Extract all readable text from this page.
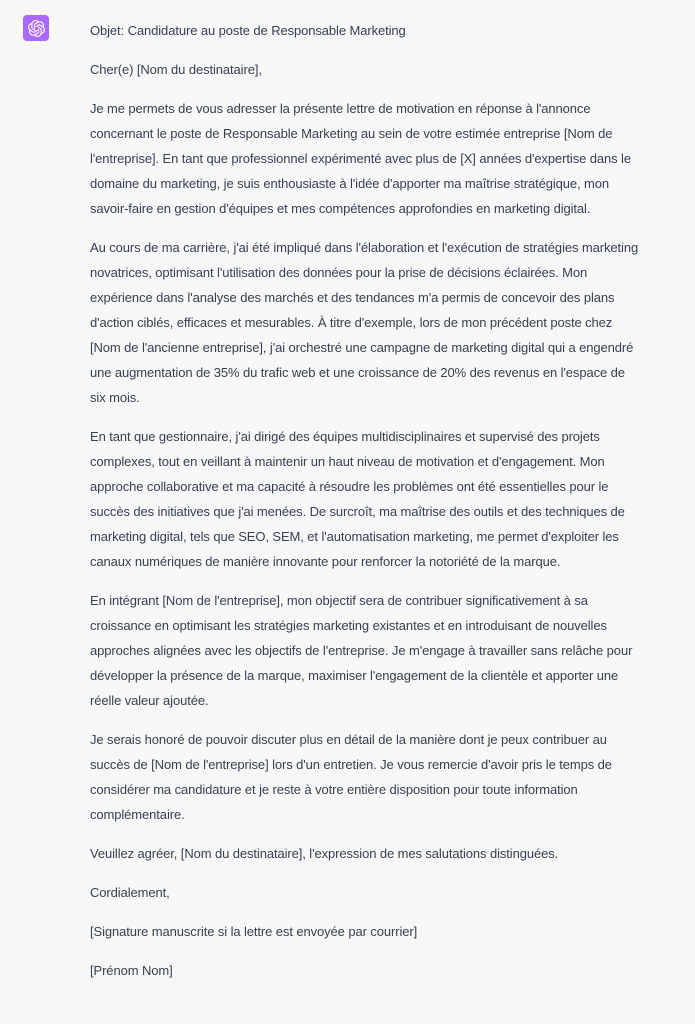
Objet: Candidature au poste de Responsable Marketing

Cher(e) [Nom du destinataire],

Je me permets de vous adresser la présente lettre de motivation en réponse à l'annonce concernant le poste de Responsable Marketing au sein de votre estimée entreprise [Nom de l'entreprise]. En tant que professionnel expérimenté avec plus de [X] années d'expertise dans le domaine du marketing, je suis enthousiaste à l'idée d'apporter ma maîtrise stratégique, mon savoir-faire en gestion d'équipes et mes compétences approfondies en marketing digital.

Au cours de ma carrière, j'ai été impliqué dans l'élaboration et l'exécution de stratégies marketing novatrices, optimisant l'utilisation des données pour la prise de décisions éclairées. Mon expérience dans l'analyse des marchés et des tendances m'a permis de concevoir des plans d'action ciblés, efficaces et mesurables. À titre d'exemple, lors de mon précédent poste chez [Nom de l'ancienne entreprise], j'ai orchestré une campagne de marketing digital qui a engendré une augmentation de 35% du trafic web et une croissance de 20% des revenus en l'espace de six mois.

En tant que gestionnaire, j'ai dirigé des équipes multidisciplinaires et supervisé des projets complexes, tout en veillant à maintenir un haut niveau de motivation et d'engagement. Mon approche collaborative et ma capacité à résoudre les problèmes ont été essentielles pour le succès des initiatives que j'ai menées. De surcroît, ma maîtrise des outils et des techniques de marketing digital, tels que SEO, SEM, et l'automatisation marketing, me permet d'exploiter les canaux numériques de manière innovante pour renforcer la notoriété de la marque.

En intégrant [Nom de l'entreprise], mon objectif sera de contribuer significativement à sa croissance en optimisant les stratégies marketing existantes et en introduisant de nouvelles approches alignées avec les objectifs de l'entreprise. Je m'engage à travailler sans relâche pour développer la présence de la marque, maximiser l'engagement de la clientèle et apporter une réelle valeur ajoutée.

Je serais honoré de pouvoir discuter plus en détail de la manière dont je peux contribuer au succès de [Nom de l'entreprise] lors d'un entretien. Je vous remercie d'avoir pris le temps de considérer ma candidature et je reste à votre entière disposition pour toute information complémentaire.

Veuillez agréer, [Nom du destinataire], l'expression de mes salutations distinguées.

Cordialement,

[Signature manuscrite si la lettre est envoyée par courrier]

[Prénom Nom]
